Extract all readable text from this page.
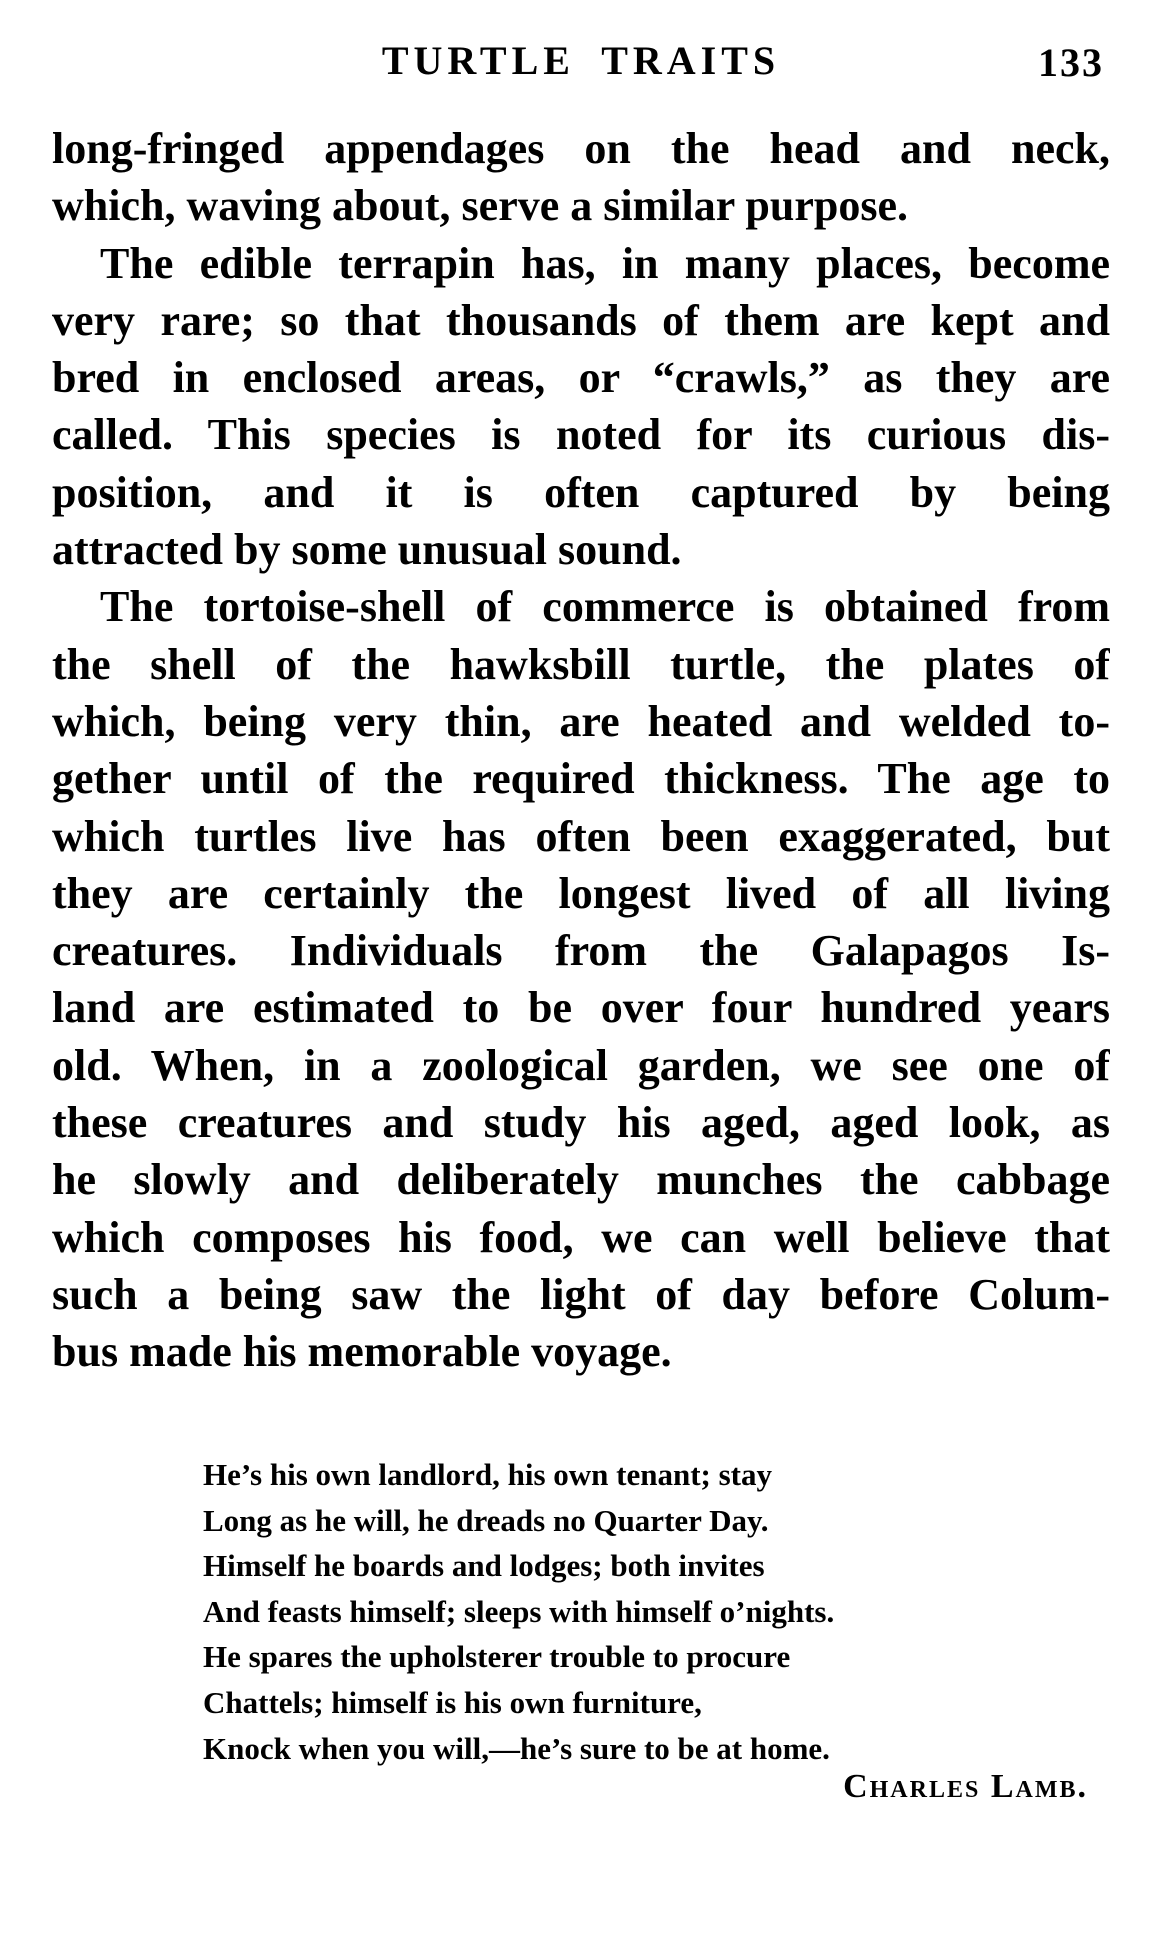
TURTLE TRAITS	133
long-fringed appendages on the head and neck,
which, waving about, serve a similar purpose.
The edible terrapin has, in many places, become
very rare; so that thousands of them are kept and
bred in enclosed areas, or “crawls,” as they are
called. This species is noted for its curious dis-
position, and it is often captured by being
attracted by some unusual sound.
The tortoise-shell of commerce is obtained from
the shell of the hawksbill turtle, the plates of
which, being very thin, are heated and welded to-
gether until of the required thickness. The age to
which turtles live has often been exaggerated, but
they are certainly the longest lived of all living
creatures. Individuals from the Galapagos Is-
land are estimated to be over four hundred years
old. When, in a zoological garden, we see one of
these creatures and study his aged, aged look, as
he slowly and deliberately munches the cabbage
which composes his food, we can well believe that
such a being saw the light of day before Colum-
bus made his memorable voyage.
He’s his own landlord, his own tenant; stay
Long as he will, he dreads no Quarter Day.
Himself he boards and lodges; both invites
And feasts himself; sleeps with himself o’nights.
He spares the upholsterer trouble to procure
Chattels; himself is his own furniture,
Knock when you will,—he’s sure to be at home.
Charles Lamb.
